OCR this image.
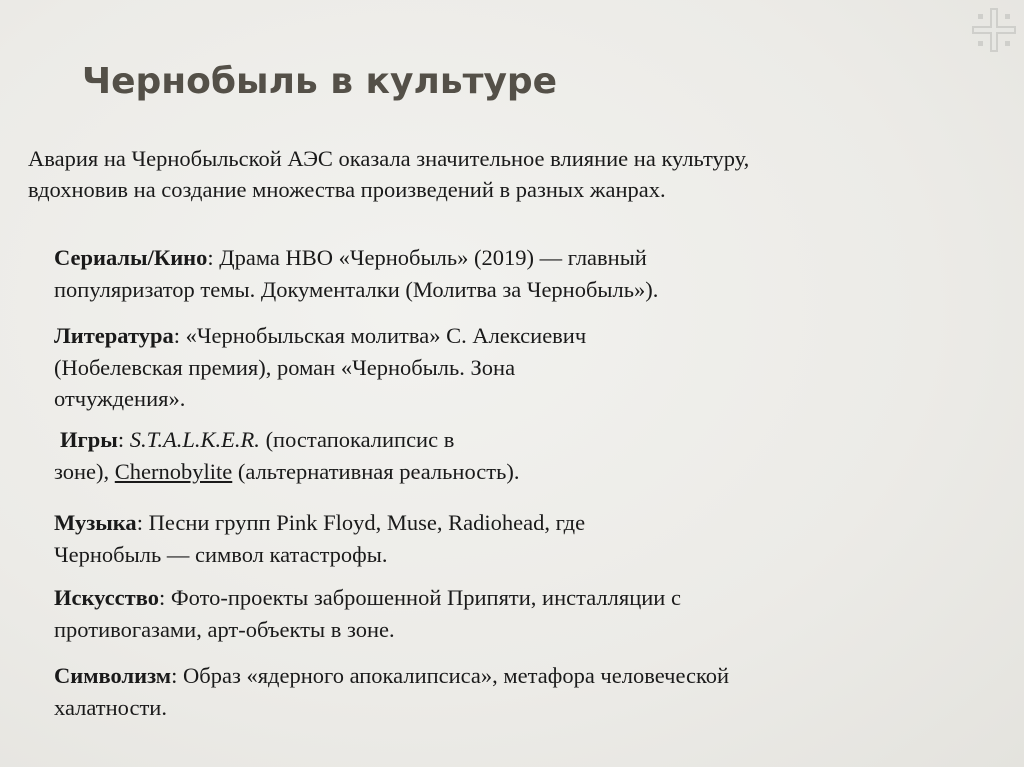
Чернобыль в культуре

Авария на Чернобыльской АЭС оказала значительное влияние на культуру,
вдохновив на создание множества произведений в разных жанрах.

Сериалы/Кино: Драма HBO «Чернобыль» (2019) — главный
популяризатор темы. Документалки (Молитва за Чернобыль»).

Литература: «Чернобыльская молитва» С. Алексиевич
(Нобелевская премия), роман «Чернобыль. Зона
отчуждения».

Игры: S.T.A.L.K.E.R. (постапокалипсис в
зоне), Chernobylite (альтернативная реальность).

Музыка: Песни групп Pink Floyd, Muse, Radiohead, где
Чернобыль — символ катастрофы.

Искусство: Фото-проекты заброшенной Припяти, инсталляции с
противогазами, арт-объекты в зоне.

Символизм: Образ «ядерного апокалипсиса», метафора человеческой
халатности.
